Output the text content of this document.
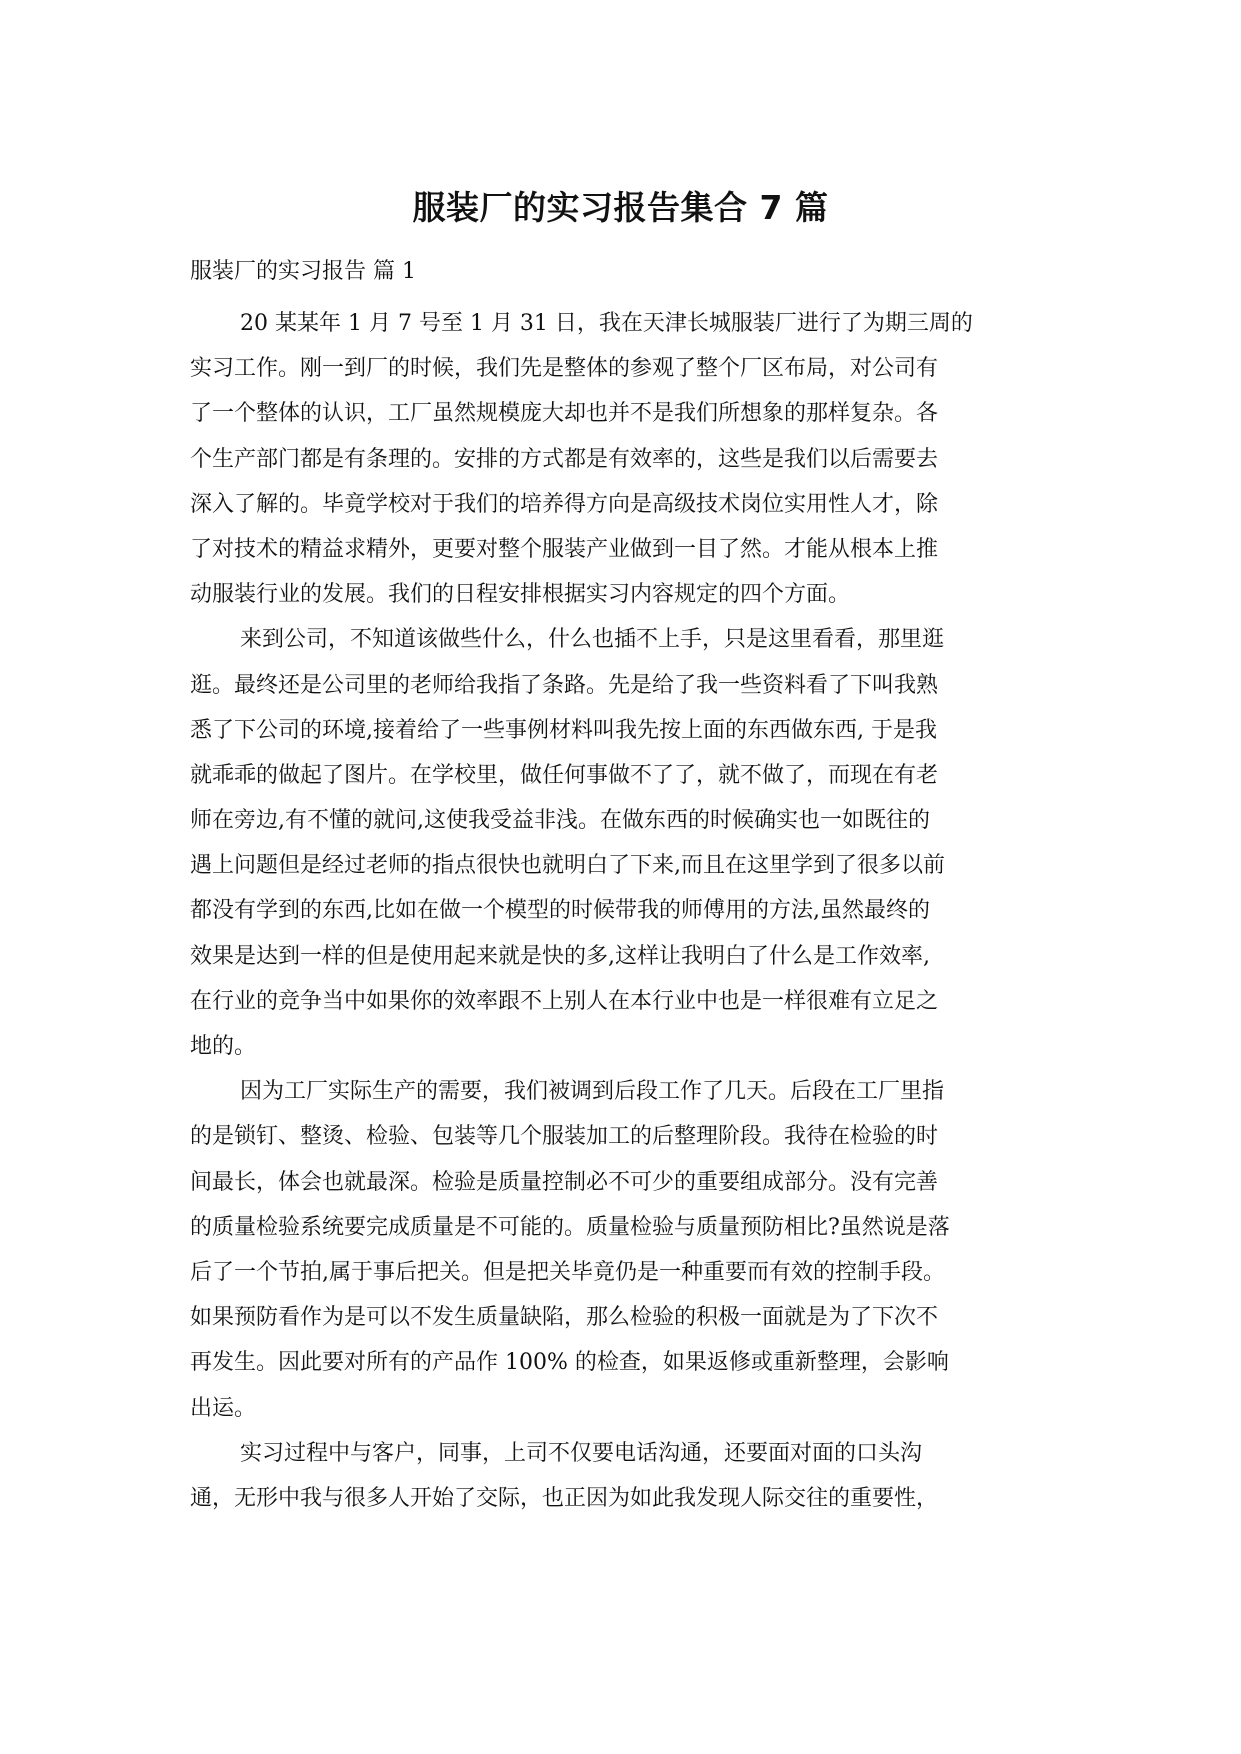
服装厂的实习报告集合 7 篇

服装厂的实习报告 篇 1

20 某某年 1 月 7 号至 1 月 31 日，我在天津长城服装厂进行了为期三周的
实习工作。刚一到厂的时候，我们先是整体的参观了整个厂区布局，对公司有
了一个整体的认识，工厂虽然规模庞大却也并不是我们所想象的那样复杂。各
个生产部门都是有条理的。安排的方式都是有效率的，这些是我们以后需要去
深入了解的。毕竟学校对于我们的培养得方向是高级技术岗位实用性人才，除
了对技术的精益求精外，更要对整个服装产业做到一目了然。才能从根本上推
动服装行业的发展。我们的日程安排根据实习内容规定的四个方面。

来到公司，不知道该做些什么，什么也插不上手，只是这里看看，那里逛
逛。最终还是公司里的老师给我指了条路。先是给了我一些资料看了下叫我熟
悉了下公司的环境,接着给了一些事例材料叫我先按上面的东西做东西, 于是我
就乖乖的做起了图片。在学校里，做任何事做不了了，就不做了，而现在有老
师在旁边,有不懂的就问,这使我受益非浅。在做东西的时候确实也一如既往的
遇上问题但是经过老师的指点很快也就明白了下来,而且在这里学到了很多以前
都没有学到的东西,比如在做一个模型的时候带我的师傅用的方法,虽然最终的
效果是达到一样的但是使用起来就是快的多,这样让我明白了什么是工作效率,
在行业的竞争当中如果你的效率跟不上别人在本行业中也是一样很难有立足之
地的。

因为工厂实际生产的需要，我们被调到后段工作了几天。后段在工厂里指
的是锁钉、整烫、检验、包装等几个服装加工的后整理阶段。我待在检验的时
间最长，体会也就最深。检验是质量控制必不可少的重要组成部分。没有完善
的质量检验系统要完成质量是不可能的。质量检验与质量预防相比?虽然说是落
后了一个节拍,属于事后把关。但是把关毕竟仍是一种重要而有效的控制手段。
如果预防看作为是可以不发生质量缺陷，那么检验的积极一面就是为了下次不
再发生。因此要对所有的产品作 100% 的检查，如果返修或重新整理，会影响
出运。

实习过程中与客户，同事，上司不仅要电话沟通，还要面对面的口头沟
通，无形中我与很多人开始了交际，也正因为如此我发现人际交往的重要性，
